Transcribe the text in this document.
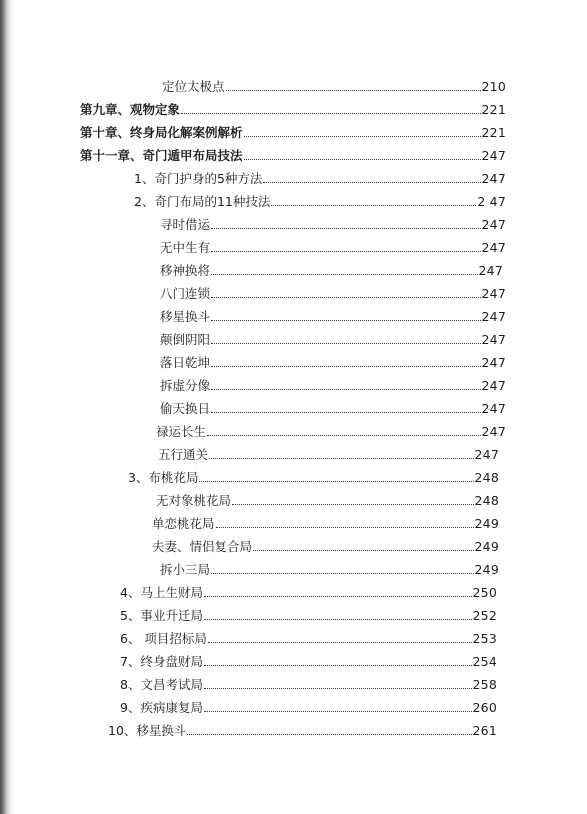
定位太极点	210
第九章、观物定象	221
第十章、终身局化解案例解析	221
第十一章、奇门遁甲布局技法	247
1、奇门护身的5种方法	247
2、奇门布局的11种技法	2 47
寻时借运	247
无中生有	247
移神换将	247
八门连锁	247
移星换斗	247
颠倒阴阳	247
落日乾坤	247
拆虚分像	247
偷天换日	247
禄运长生	247
五行通关	247
3、布桃花局	248
无对象桃花局	248
单恋桃花局	249
夫妻、情侣复合局	249
拆小三局	249
4、马上生财局	250
5、事业升迁局	252
6、 项目招标局	253
7、终身盘财局	254
8、文昌考试局	258
9、疾病康复局	260
10、移星换斗	261
